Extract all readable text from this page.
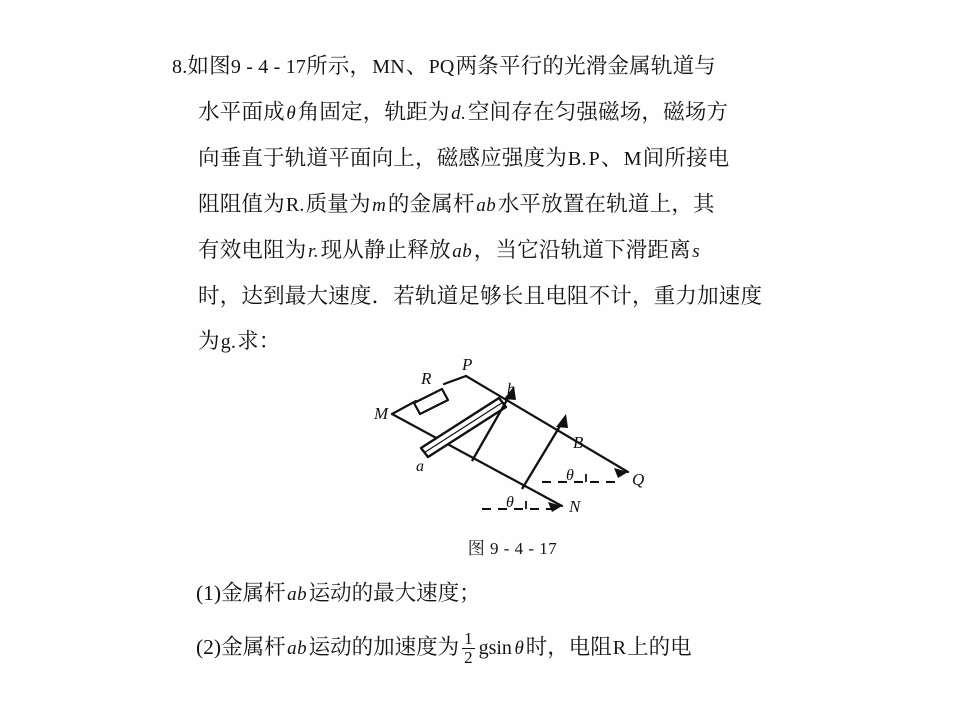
8.如图9 - 4 - 17所示，MN、PQ两条平行的光滑金属轨道与
水平面成θ角固定，轨距为d.空间存在匀强磁场，磁场方
向垂直于轨道平面向上，磁感应强度为B. P、M间所接电
阻阻值为R.质量为m的金属杆ab水平放置在轨道上，其
有效电阻为r.现从静止释放ab，当它沿轨道下滑距离s
时，达到最大速度．若轨道足够长且电阻不计，重力加速度
为g.求：
M
R
P
b
a
B
Q
N
θ
θ
图 9 - 4 - 17
(1)金属杆ab运动的最大速度；
(2)金属杆ab运动的加速度为 $\frac{1}{2}$ gsin θ时，电阻R上的电
